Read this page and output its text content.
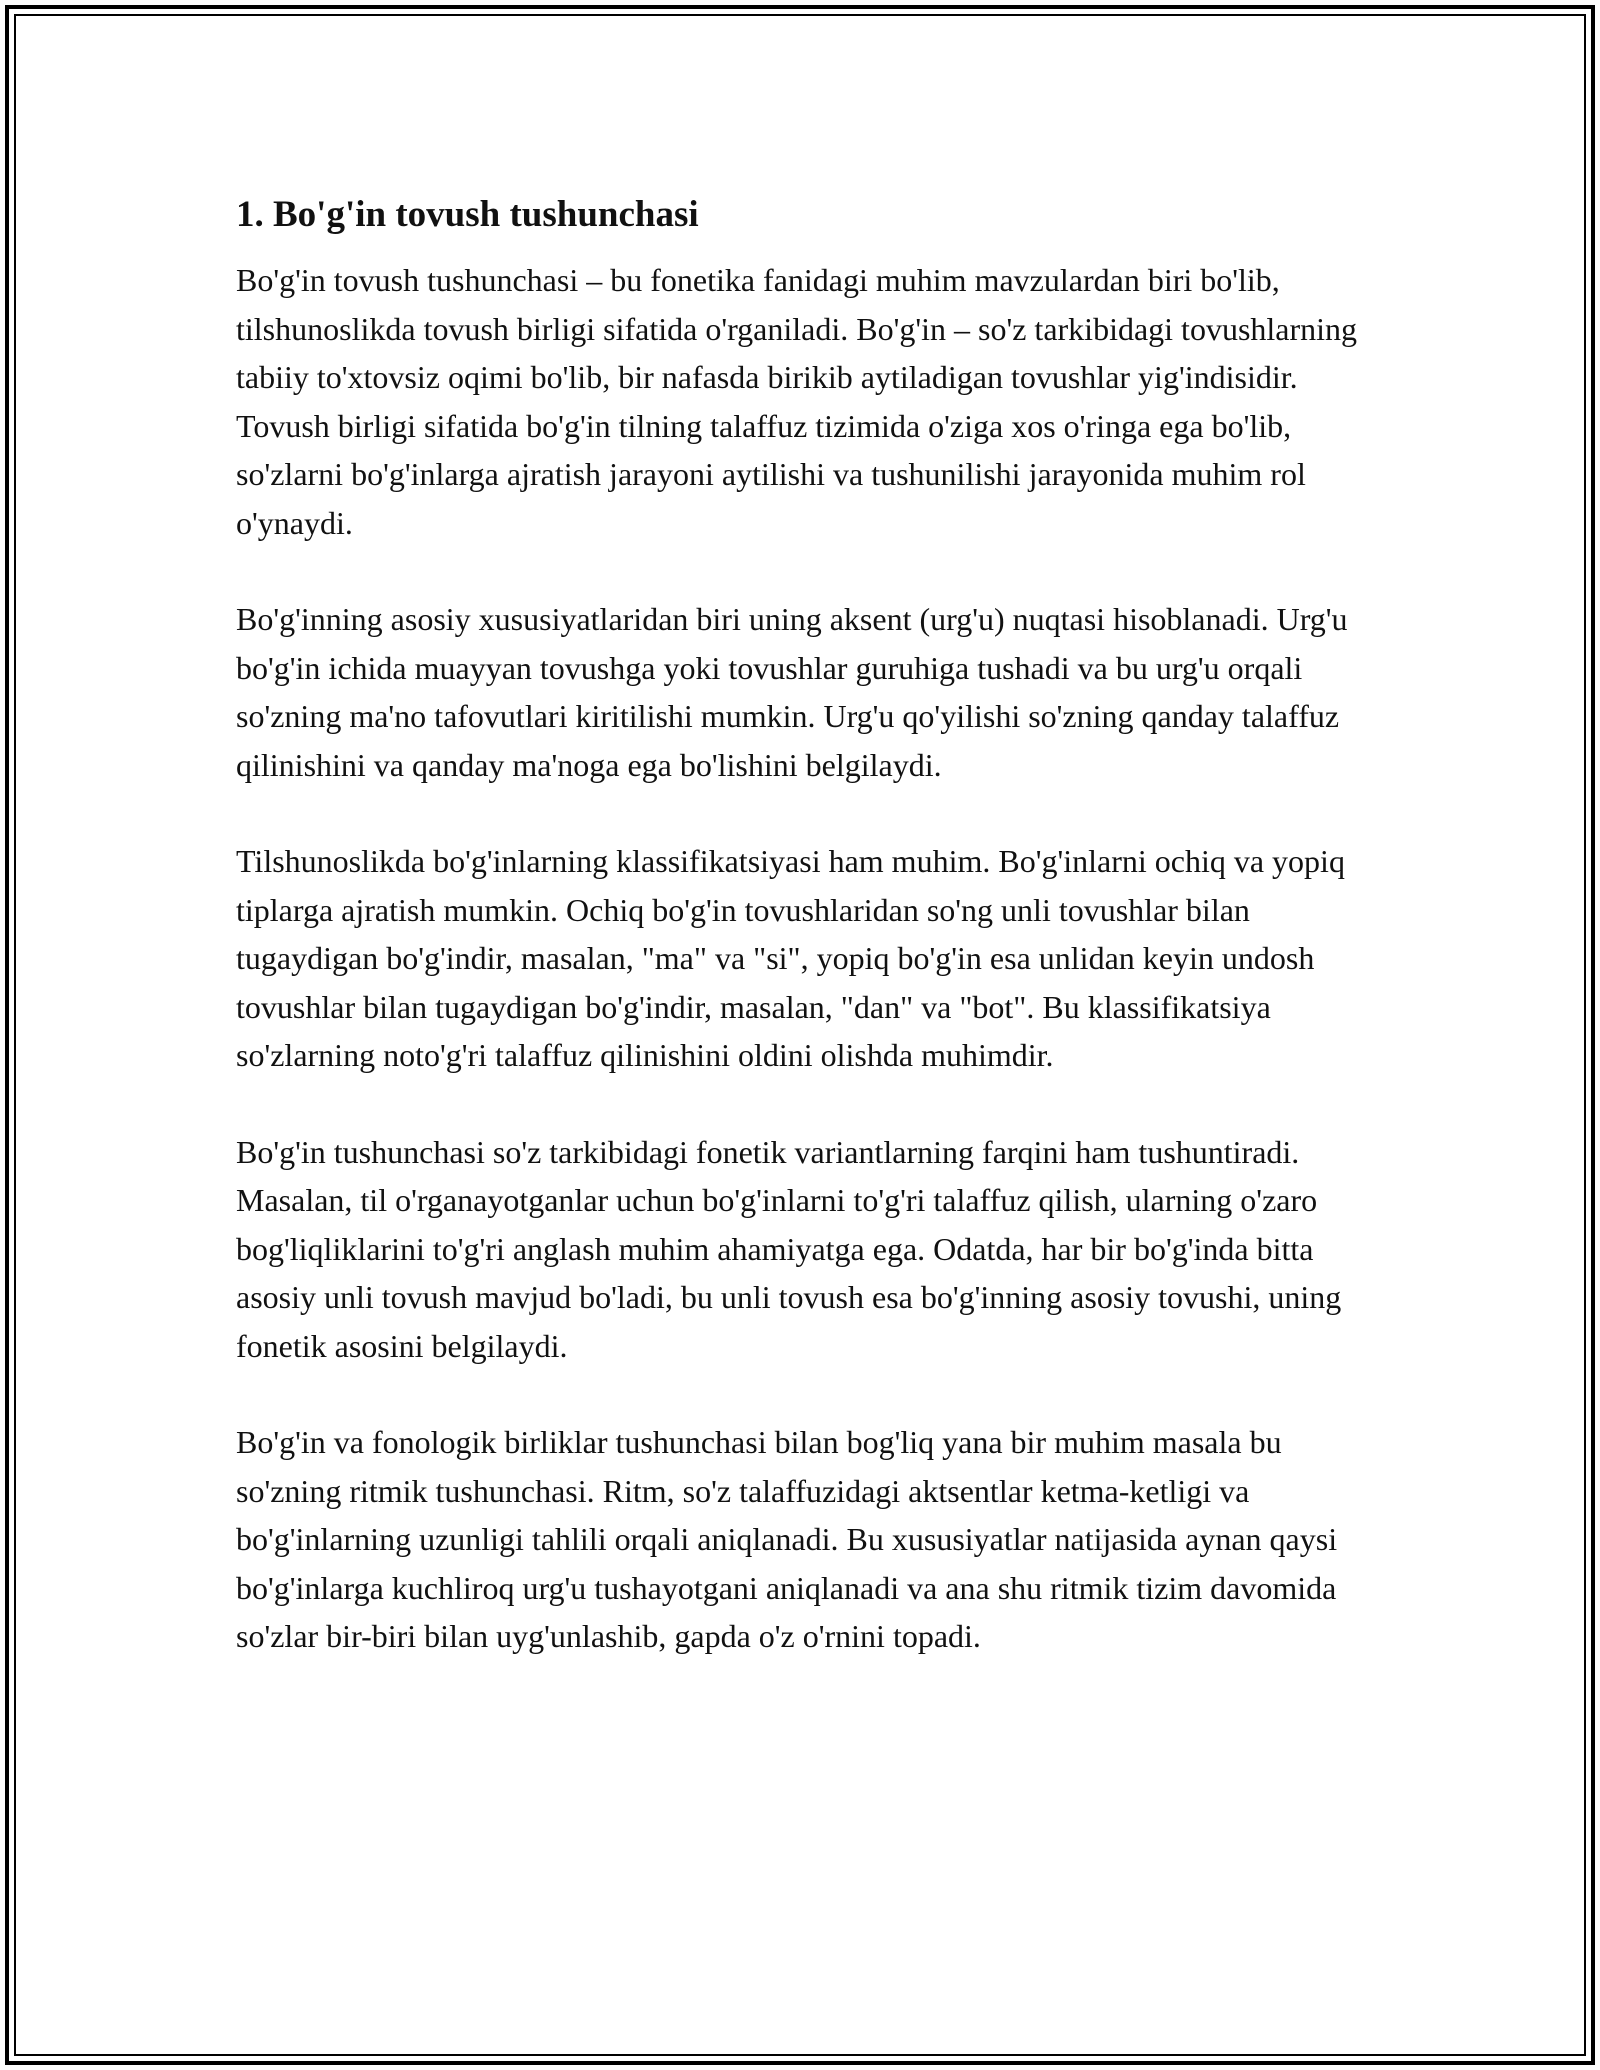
1. Bo'g'in tovush tushunchasi

Bo'g'in tovush tushunchasi – bu fonetika fanidagi muhim mavzulardan biri bo'lib, tilshunoslikda tovush birligi sifatida o'rganiladi. Bo'g'in – so'z tarkibidagi tovushlarning tabiiy to'xtovsiz oqimi bo'lib, bir nafasda birikib aytiladigan tovushlar yig'indisidir. Tovush birligi sifatida bo'g'in tilning talaffuz tizimida o'ziga xos o'ringa ega bo'lib, so'zlarni bo'g'inlarga ajratish jarayoni aytilishi va tushunilishi jarayonida muhim rol o'ynaydi.

Bo'g'inning asosiy xususiyatlaridan biri uning aksent (urg'u) nuqtasi hisoblanadi. Urg'u bo'g'in ichida muayyan tovushga yoki tovushlar guruhiga tushadi va bu urg'u orqali so'zning ma'no tafovutlari kiritilishi mumkin. Urg'u qo'yilishi so'zning qanday talaffuz qilinishini va qanday ma'noga ega bo'lishini belgilaydi.

Tilshunoslikda bo'g'inlarning klassifikatsiyasi ham muhim. Bo'g'inlarni ochiq va yopiq tiplarga ajratish mumkin. Ochiq bo'g'in tovushlaridan so'ng unli tovushlar bilan tugaydigan bo'g'indir, masalan, "ma" va "si", yopiq bo'g'in esa unlidan keyin undosh tovushlar bilan tugaydigan bo'g'indir, masalan, "dan" va "bot". Bu klassifikatsiya so'zlarning noto'g'ri talaffuz qilinishini oldini olishda muhimdir.

Bo'g'in tushunchasi so'z tarkibidagi fonetik variantlarning farqini ham tushuntiradi. Masalan, til o'rganayotganlar uchun bo'g'inlarni to'g'ri talaffuz qilish, ularning o'zaro bog'liqliklarini to'g'ri anglash muhim ahamiyatga ega. Odatda, har bir bo'g'inda bitta asosiy unli tovush mavjud bo'ladi, bu unli tovush esa bo'g'inning asosiy tovushi, uning fonetik asosini belgilaydi.

Bo'g'in va fonologik birliklar tushunchasi bilan bog'liq yana bir muhim masala bu so'zning ritmik tushunchasi. Ritm, so'z talaffuzidagi aktsentlar ketma-ketligi va bo'g'inlarning uzunligi tahlili orqali aniqlanadi. Bu xususiyatlar natijasida aynan qaysi bo'g'inlarga kuchliroq urg'u tushayotgani aniqlanadi va ana shu ritmik tizim davomida so'zlar bir-biri bilan uyg'unlashib, gapda o'z o'rnini topadi.
